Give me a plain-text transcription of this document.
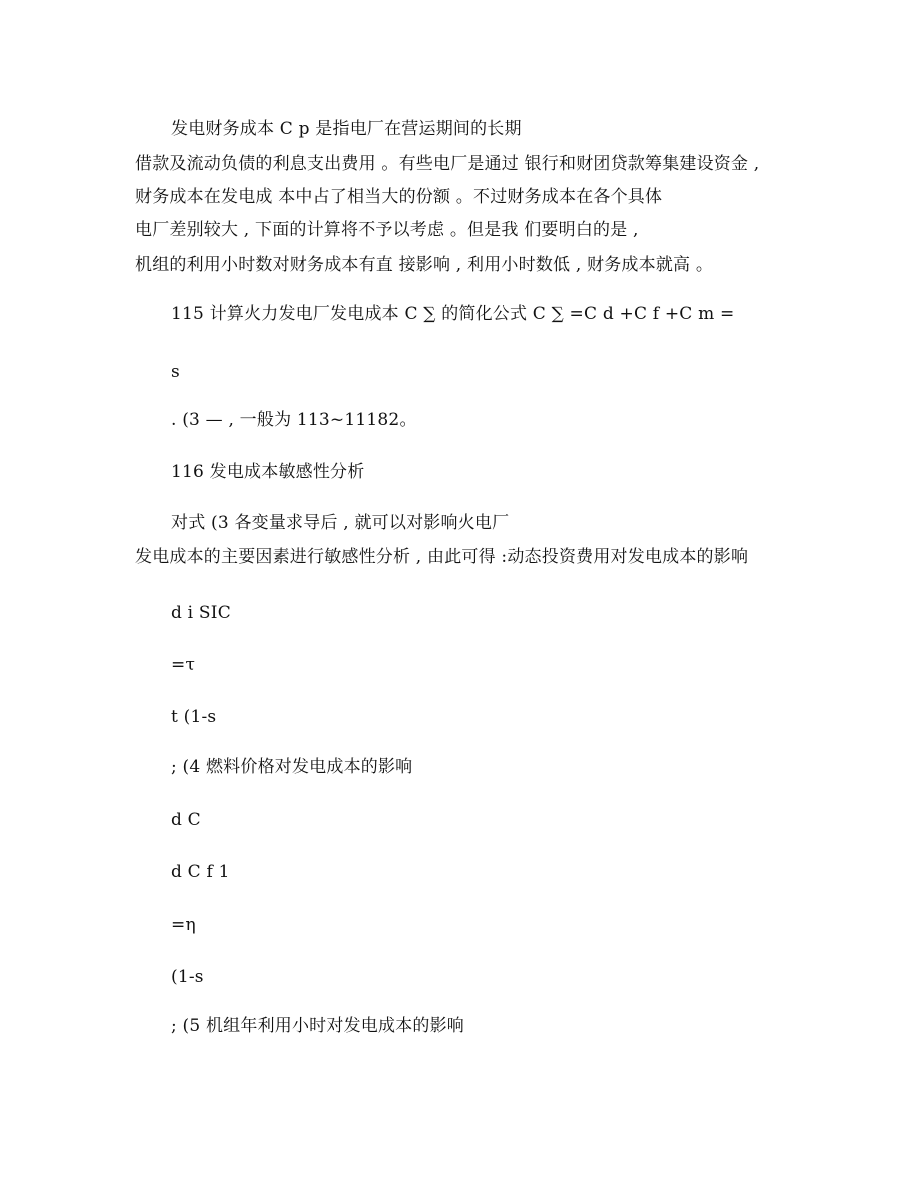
发电财务成本 C p 是指电厂在营运期间的长期
借款及流动负债的利息支出费用 。有些电厂是通过 银行和财团贷款筹集建设资金 ,
财务成本在发电成 本中占了相当大的份额 。不过财务成本在各个具体
电厂差别较大 , 下面的计算将不予以考虑 。但是我 们要明白的是 ,
机组的利用小时数对财务成本有直 接影响 , 利用小时数低 , 财务成本就高 。
115 计算火力发电厂发电成本 C ∑ 的简化公式 C ∑ =C d +C f +C m =
s
. (3 — , 一般为 113~11182。
116 发电成本敏感性分析
对式 (3 各变量求导后 , 就可以对影响火电厂
发电成本的主要因素进行敏感性分析 , 由此可得 :动态投资费用对发电成本的影响
d i SIC
=τ
t (1-s
; (4 燃料价格对发电成本的影响
d C
d C f 1
=η
(1-s
; (5 机组年利用小时对发电成本的影响
